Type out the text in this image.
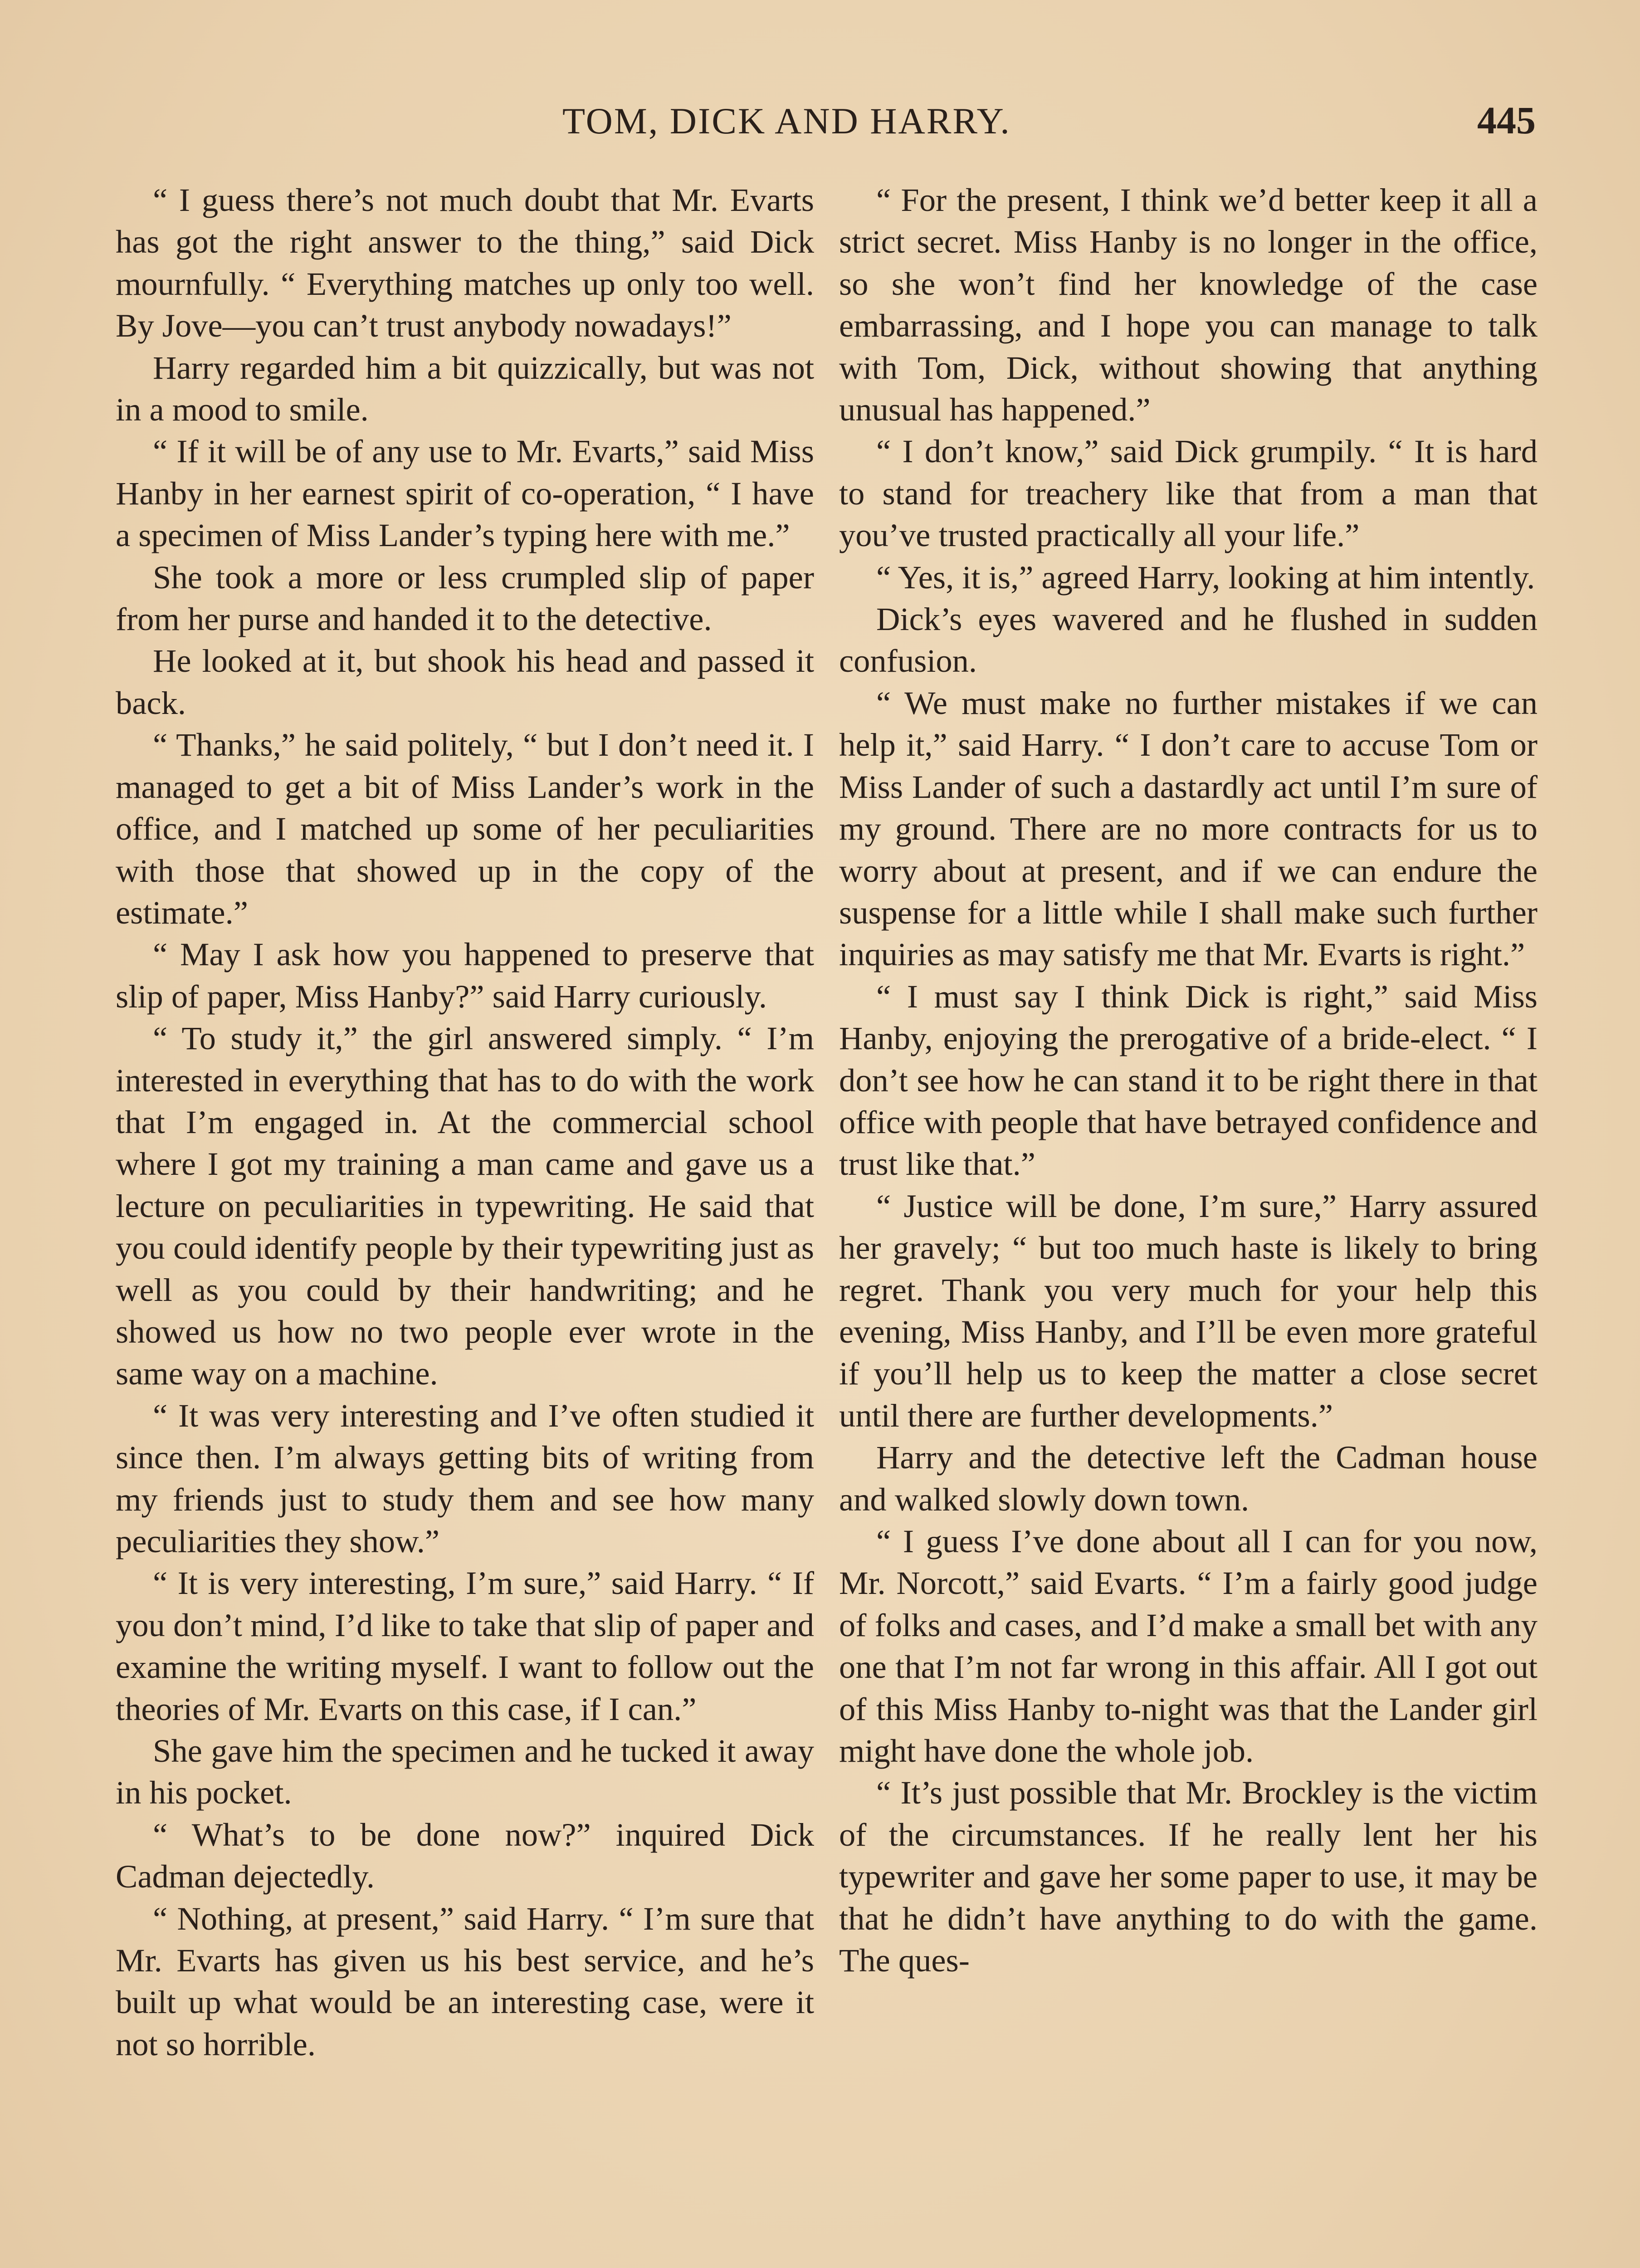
TOM, DICK AND HARRY.	445

“ I guess there’s not much doubt that Mr. Evarts has got the right answer to the thing,” said Dick mournfully. “ Everything matches up only too well. By Jove—you can’t trust anybody nowadays!”

Harry regarded him a bit quizzically, but was not in a mood to smile.

“ If it will be of any use to Mr. Evarts,” said Miss Hanby in her earnest spirit of co-operation, “ I have a specimen of Miss Lander’s typing here with me.”

She took a more or less crumpled slip of paper from her purse and handed it to the detective.

He looked at it, but shook his head and passed it back.

“ Thanks,” he said politely, “ but I don’t need it. I managed to get a bit of Miss Lander’s work in the office, and I matched up some of her peculiarities with those that showed up in the copy of the estimate.”

“ May I ask how you happened to preserve that slip of paper, Miss Hanby?” said Harry curiously.

“ To study it,” the girl answered simply. “ I’m interested in everything that has to do with the work that I’m engaged in. At the commercial school where I got my training a man came and gave us a lecture on peculiarities in typewriting. He said that you could identify people by their typewriting just as well as you could by their handwriting; and he showed us how no two people ever wrote in the same way on a machine.

“ It was very interesting and I’ve often studied it since then. I’m always getting bits of writing from my friends just to study them and see how many peculiarities they show.”

“ It is very interesting, I’m sure,” said Harry. “ If you don’t mind, I’d like to take that slip of paper and examine the writing myself. I want to follow out the theories of Mr. Evarts on this case, if I can.”

She gave him the specimen and he tucked it away in his pocket.

“ What’s to be done now?” inquired Dick Cadman dejectedly.

“ Nothing, at present,” said Harry. “ I’m sure that Mr. Evarts has given us his best service, and he’s built up what would be an interesting case, were it not so horrible.

“ For the present, I think we’d better keep it all a strict secret. Miss Hanby is no longer in the office, so she won’t find her knowledge of the case embarrassing, and I hope you can manage to talk with Tom, Dick, without showing that anything unusual has happened.”

“ I don’t know,” said Dick grumpily. “ It is hard to stand for treachery like that from a man that you’ve trusted practically all your life.”

“ Yes, it is,” agreed Harry, looking at him intently.

Dick’s eyes wavered and he flushed in sudden confusion.

“ We must make no further mistakes if we can help it,” said Harry. “ I don’t care to accuse Tom or Miss Lander of such a dastardly act until I’m sure of my ground. There are no more contracts for us to worry about at present, and if we can endure the suspense for a little while I shall make such further inquiries as may satisfy me that Mr. Evarts is right.”

“ I must say I think Dick is right,” said Miss Hanby, enjoying the prerogative of a bride-elect. “ I don’t see how he can stand it to be right there in that office with people that have betrayed confidence and trust like that.”

“ Justice will be done, I’m sure,” Harry assured her gravely; “ but too much haste is likely to bring regret. Thank you very much for your help this evening, Miss Hanby, and I’ll be even more grateful if you’ll help us to keep the matter a close secret until there are further developments.”

Harry and the detective left the Cadman house and walked slowly down town.

“ I guess I’ve done about all I can for you now, Mr. Norcott,” said Evarts. “ I’m a fairly good judge of folks and cases, and I’d make a small bet with any one that I’m not far wrong in this affair. All I got out of this Miss Hanby to-night was that the Lander girl might have done the whole job.

“ It’s just possible that Mr. Brockley is the victim of the circumstances. If he really lent her his typewriter and gave her some paper to use, it may be that he didn’t have anything to do with the game. The ques-
